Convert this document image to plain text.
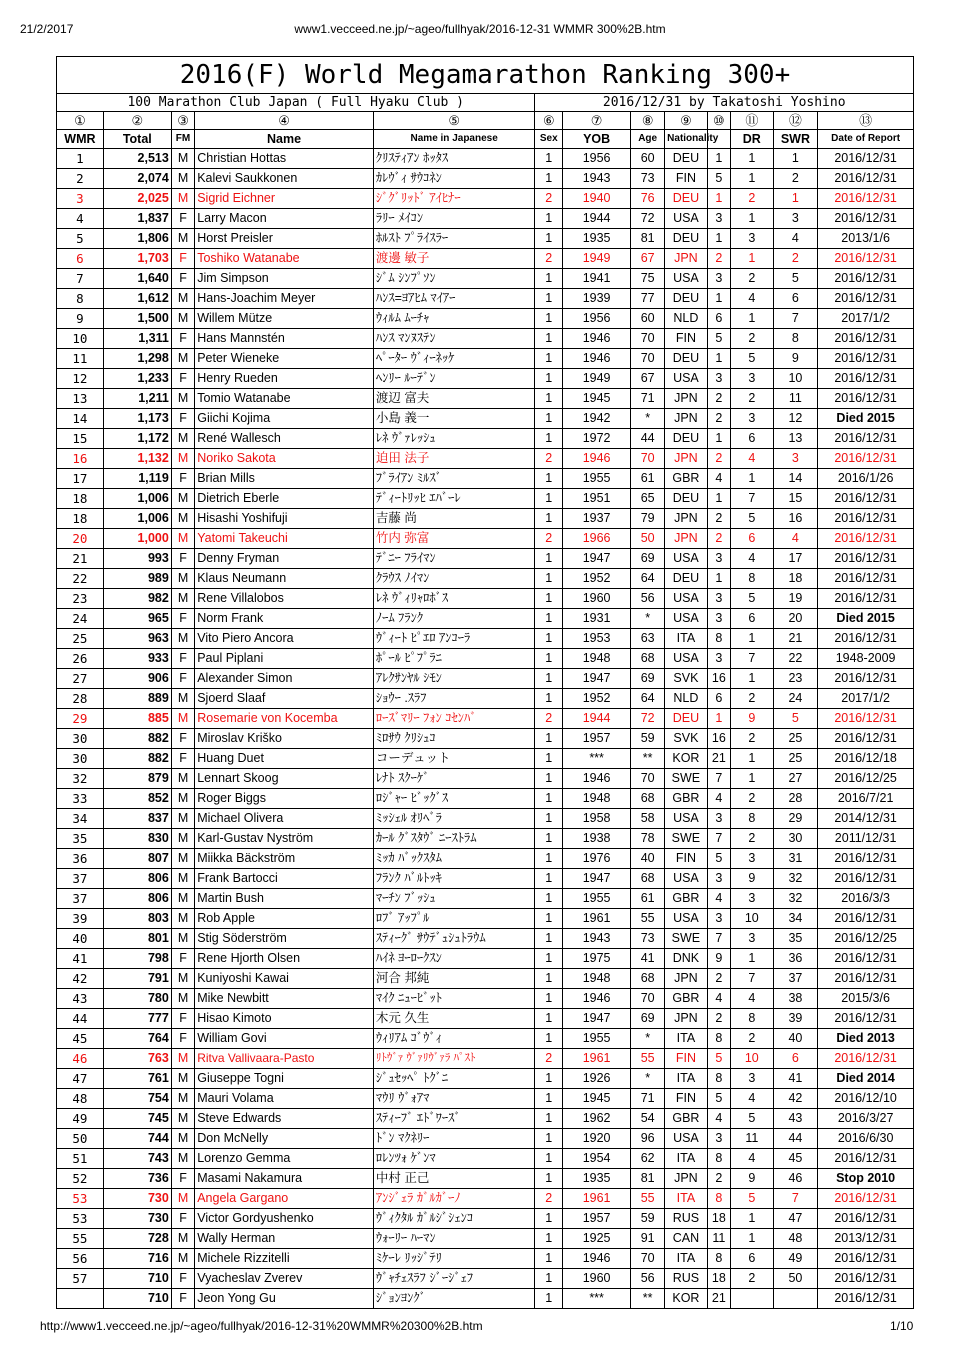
21/2/2017	www1.vecceed.ne.jp/~ageo/fullhyak/2016-12-31 WMMR 300%2B.htm
2016(F) World Megamarathon Ranking 300+												
100 Marathon Club Japan ( Full Hyaku Club )					2016/12/31 by Takatoshi Yoshino							
①	②	③	④	⑤	⑥	⑦	⑧	⑨	⑩	⑪	⑫	⑬
WMR	Total	FM	Name	Name in Japanese	Sex	YOB	Age	Nationality		DR	SWR	Date of Report
1	2,513	M	Christian Hottas	ｸﾘｽﾃｨｱﾝ ﾎｯﾀｽ	1	1956	60	DEU	1	1	1	2016/12/31
2	2,074	M	Kalevi Saukkonen	ｶﾚｳﾞｨ ｻｳｺﾈﾝ	1	1943	73	FIN	5	1	2	2016/12/31
3	2,025	M	Sigrid Eichner	ｼﾞｸﾞﾘｯﾄﾞ ｱｲﾋﾅｰ	2	1940	76	DEU	1	2	1	2016/12/31
4	1,837	F	Larry Macon	ﾗﾘｰ ﾒｲｺﾝ	1	1944	72	USA	3	1	3	2016/12/31
5	1,806	M	Horst Preisler	ﾎﾙｽﾄ ﾌﾟﾗｲｽﾗｰ	1	1935	81	DEU	1	3	4	2013/1/6
6	1,703	F	Toshiko Watanabe	渡邊 敏子	2	1949	67	JPN	2	1	2	2016/12/31
7	1,640	F	Jim Simpson	ｼﾞﾑ ｼﾝﾌﾟｿﾝ	1	1941	75	USA	3	2	5	2016/12/31
8	1,612	M	Hans-Joachim Meyer	ﾊﾝｽ=ﾖｱﾋﾑ ﾏｲｱｰ	1	1939	77	DEU	1	4	6	2016/12/31
9	1,500	M	Willem Mütze	ｳｨﾙﾑ ﾑｰﾁｬ	1	1956	60	NLD	6	1	7	2017/1/2
10	1,311	F	Hans Mannstén	ﾊﾝｽ ﾏﾝﾇｽﾃﾝ	1	1946	70	FIN	5	2	8	2016/12/31
11	1,298	M	Peter Wieneke	ﾍﾟｰﾀｰ ｳﾞｨｰﾈｯｹ	1	1946	70	DEU	1	5	9	2016/12/31
12	1,233	F	Henry Rueden	ﾍﾝﾘｰ ﾙｰﾃﾞﾝ	1	1949	67	USA	3	3	10	2016/12/31
13	1,211	M	Tomio Watanabe	渡辺 富夫	1	1945	71	JPN	2	2	11	2016/12/31
14	1,173	F	Giichi Kojima	小島 義一	1	1942	*	JPN	2	3	12	Died 2015
15	1,172	M	René Wallesch	ﾚﾈ ｳﾞｧﾚｯｼｭ	1	1972	44	DEU	1	6	13	2016/12/31
16	1,132	M	Noriko Sakota	迫田 法子	2	1946	70	JPN	2	4	3	2016/12/31
17	1,119	F	Brian Mills	ﾌﾞﾗｲｱﾝ ﾐﾙｽﾞ	1	1955	61	GBR	4	1	14	2016/1/26
18	1,006	M	Dietrich Eberle	ﾃﾞｨｰﾄﾘｯﾋ ｴﾊﾞｰﾚ	1	1951	65	DEU	1	7	15	2016/12/31
18	1,006	M	Hisashi Yoshifuji	吉藤 尚	1	1937	79	JPN	2	5	16	2016/12/31
20	1,000	M	Yatomi Takeuchi	竹内 弥富	2	1966	50	JPN	2	6	4	2016/12/31
21	993	F	Denny Fryman	ﾃﾞﾆｰ ﾌﾗｲﾏﾝ	1	1947	69	USA	3	4	17	2016/12/31
22	989	M	Klaus Neumann	ｸﾗｳｽ ﾉｲﾏﾝ	1	1952	64	DEU	1	8	18	2016/12/31
23	982	M	Rene Villalobos	ﾚﾈ ｳﾞｨﾘｬﾛﾎﾞｽ	1	1960	56	USA	3	5	19	2016/12/31
24	965	F	Norm Frank	ﾉｰﾑ ﾌﾗﾝｸ	1	1931	*	USA	3	6	20	Died 2015
25	963	M	Vito Piero Ancora	ｳﾞｨｰﾄ ﾋﾟｴﾛ ｱﾝｺｰﾗ	1	1953	63	ITA	8	1	21	2016/12/31
26	933	F	Paul Piplani	ﾎﾟｰﾙ ﾋﾟﾌﾟﾗﾆ	1	1948	68	USA	3	7	22	1948-2009
27	906	F	Alexander Simon	ｱﾚｸｻﾝﾔﾙ ｼﾓﾝ	1	1947	69	SVK	16	1	23	2016/12/31
28	889	M	Sjoerd Slaaf	ｼｮｳｰ .ｽﾗﾌ	1	1952	64	NLD	6	2	24	2017/1/2
29	885	M	Rosemarie von Kocemba	ﾛｰｽﾞﾏﾘｰ ﾌｫﾝ ｺｾﾝﾊﾞ	2	1944	72	DEU	1	9	5	2016/12/31
30	882	F	Miroslav Kriško	ﾐﾛｻｳ ｸﾘｼｭｺ	1	1957	59	SVK	16	2	25	2016/12/31
30	882	F	Huang Duet	コーデュット	1	***	**	KOR	21	1	25	2016/12/18
32	879	M	Lennart Skoog	ﾚﾅﾄ ｽｸｰｹﾞ	1	1946	70	SWE	7	1	27	2016/12/25
33	852	M	Roger Biggs	ﾛｼﾞｬｰ ﾋﾞｯｸﾞｽ	1	1948	68	GBR	4	2	28	2016/7/21
34	837	M	Michael Olivera	ﾐｯｼｪﾙ ｵﾘﾍﾞﾗ	1	1958	58	USA	3	8	29	2014/12/31
35	830	M	Karl-Gustav Nyström	ｶｰﾙ ｸﾞｽﾀｳﾞ ﾆｰｽﾄﾗﾑ	1	1938	78	SWE	7	2	30	2011/12/31
36	807	M	Miikka Bäckström	ﾐｯｶ ﾊﾞｯｸｽﾀﾑ	1	1976	40	FIN	5	3	31	2016/12/31
37	806	M	Frank Bartocci	ﾌﾗﾝｸ ﾊﾞﾙﾄｯｷ	1	1947	68	USA	3	9	32	2016/12/31
37	806	M	Martin Bush	ﾏｰﾁﾝ ﾌﾞｯｼｭ	1	1955	61	GBR	4	3	32	2016/3/3
39	803	M	Rob Apple	ﾛﾌﾞ ｱｯﾌﾟﾙ	1	1961	55	USA	3	10	34	2016/12/31
40	801	M	Stig Söderström	ｽﾃｨｰｸﾞ ｻｳﾃﾞｭｼｭﾄﾗｳﾑ	1	1943	73	SWE	7	3	35	2016/12/25
41	798	F	Rene Hjorth Olsen	ﾊｲﾈ ﾖｰﾛｰｸｽﾝ	1	1975	41	DNK	9	1	36	2016/12/31
42	791	M	Kuniyoshi Kawai	河合 邦純	1	1948	68	JPN	2	7	37	2016/12/31
43	780	M	Mike Newbitt	ﾏｲｸ ﾆｭｰﾋﾞｯﾄ	1	1946	70	GBR	4	4	38	2015/3/6
44	777	F	Hisao Kimoto	木元 久生	1	1947	69	JPN	2	8	39	2016/12/31
45	764	F	William Govi	ｳｨﾘｱﾑ ｺﾞｳﾞｨ	1	1955	*	ITA	8	2	40	Died 2013
46	763	M	Ritva Vallivaara-Pasto	ﾘﾄｳﾞｧ ｳﾞｧﾘｳﾞｧﾗ ﾊﾟｽﾄ	2	1961	55	FIN	5	10	6	2016/12/31
47	761	M	Giuseppe Togni	ｼﾞｭｾｯﾍﾟ ﾄｸﾞﾆ	1	1926	*	ITA	8	3	41	Died 2014
48	754	M	Mauri Volama	ﾏｳﾘ ｳﾞｫｱﾏ	1	1945	71	FIN	5	4	42	2016/12/10
49	745	M	Steve Edwards	ｽﾃｨｰﾌﾞ ｴﾄﾞﾜｰｽﾞ	1	1962	54	GBR	4	5	43	2016/3/27
50	744	M	Don McNelly	ﾄﾞﾝ ﾏｸﾈﾘｰ	1	1920	96	USA	3	11	44	2016/6/30
51	743	M	Lorenzo Gemma	ﾛﾚﾝﾂｫ ｹﾞﾝﾏ	1	1954	62	ITA	8	4	45	2016/12/31
52	736	F	Masami Nakamura	中村 正己	1	1935	81	JPN	2	9	46	Stop 2010
53	730	M	Angela Gargano	ｱﾝｼﾞｪﾗ ｶﾞﾙｶﾞｰﾉ	2	1961	55	ITA	8	5	7	2016/12/31
53	730	F	Victor Gordyushenko	ｳﾞｨｸﾀﾙ ｶﾞﾙｼﾞｼｪﾝｺ	1	1957	59	RUS	18	1	47	2016/12/31
55	728	M	Wally Herman	ｳｫｰﾘｰ ﾊｰﾏﾝ	1	1925	91	CAN	11	1	48	2013/12/31
56	716	M	Michele Rizzitelli	ﾐｹｰﾚ ﾘｯｼﾞﾃﾘ	1	1946	70	ITA	8	6	49	2016/12/31
57	710	F	Vyacheslav Zverev	ｳﾞｬﾁｪｽﾗﾌ ｼﾞｰｼﾞｪﾌ	1	1960	56	RUS	18	2	50	2016/12/31
	710	F	Jeon Yong Gu	ｼﾞｮﾝﾖﾝｸﾞ	1	***	**	KOR	21			2016/12/31
http://www1.vecceed.ne.jp/~ageo/fullhyak/2016-12-31%20WMMR%20300%2B.htm	1/10
